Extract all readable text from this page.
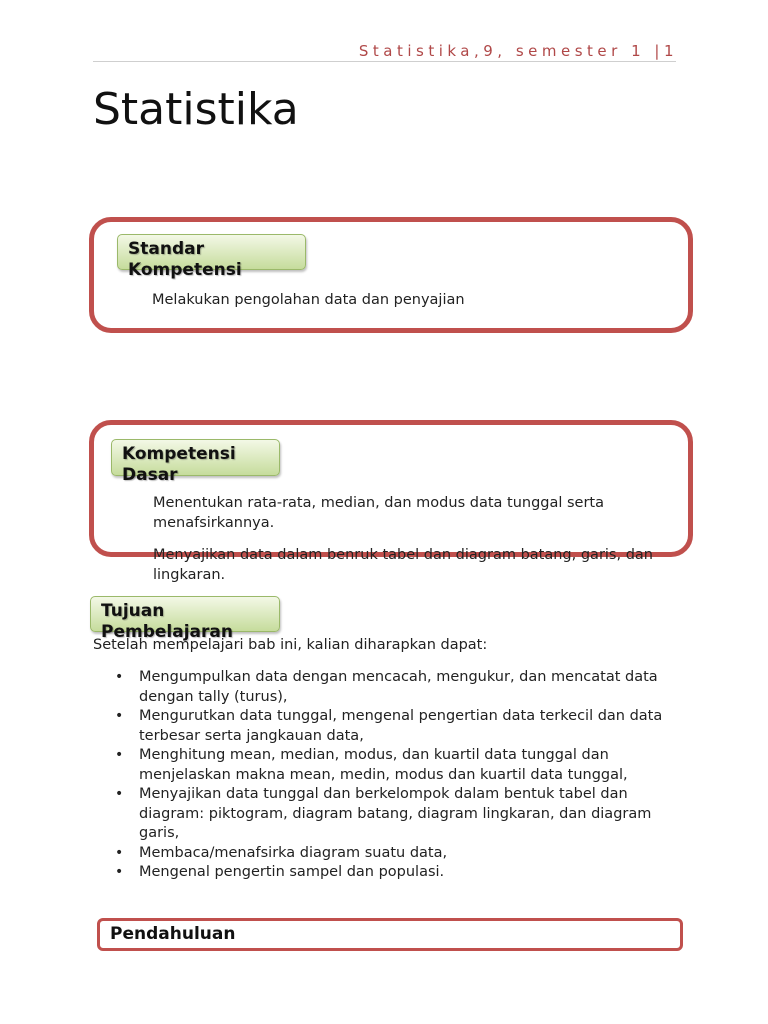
Statistika,9, semester 1 |1
Statistika
Standar Kompetensi
Melakukan pengolahan data dan penyajian
Kompetensi Dasar
Menentukan rata-rata, median, dan modus data tunggal serta menafsirkannya.
Menyajikan data dalam benruk tabel dan diagram batang, garis, dan lingkaran.
Tujuan Pembelajaran
Setelah mempelajari bab ini, kalian diharapkan dapat:
• Mengumpulkan data dengan mencacah, mengukur, dan mencatat data dengan tally (turus),
• Mengurutkan data tunggal, mengenal pengertian data terkecil dan data terbesar serta jangkauan data,
• Menghitung mean, median, modus, dan kuartil data tunggal dan menjelaskan makna mean, medin, modus dan kuartil data tunggal,
• Menyajikan data tunggal dan berkelompok dalam bentuk tabel dan diagram: piktogram, diagram batang, diagram lingkaran, dan diagram garis,
• Membaca/menafsirka diagram suatu data,
• Mengenal pengertin sampel dan populasi.
Pendahuluan
